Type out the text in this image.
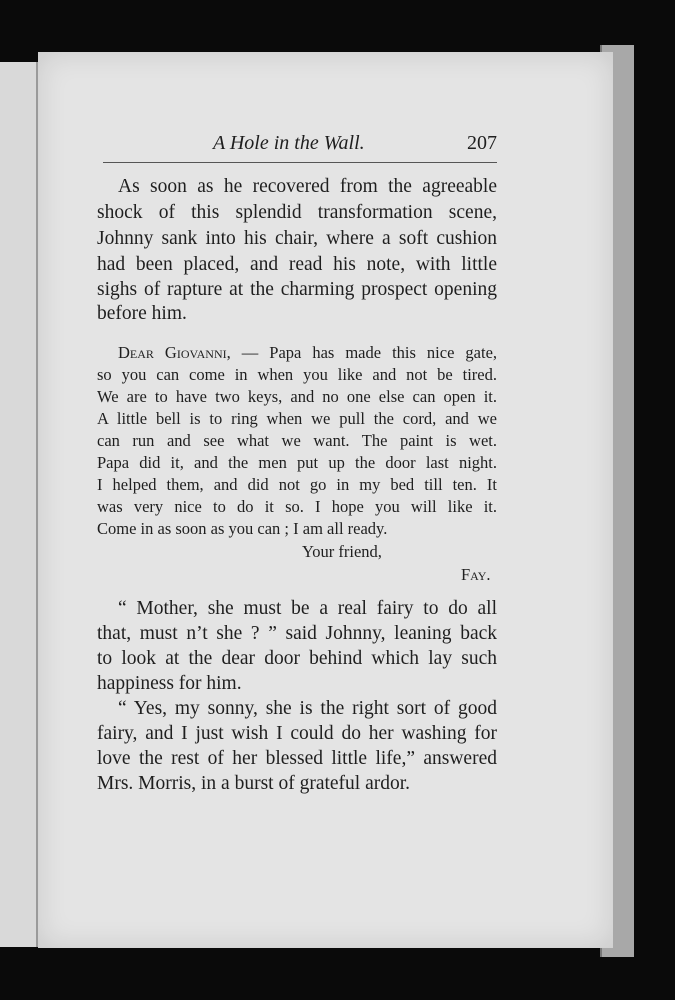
A Hole in the Wall.	207
As soon as he recovered from the agreeable
shock of this splendid transformation scene,
Johnny sank into his chair, where a soft cushion
had been placed, and read his note, with little
sighs of rapture at the charming prospect opening
before him.
Dear Giovanni, — Papa has made this nice gate,
so you can come in when you like and not be tired.
We are to have two keys, and no one else can open it.
A little bell is to ring when we pull the cord, and we
can run and see what we want. The paint is wet.
Papa did it, and the men put up the door last night.
I helped them, and did not go in my bed till ten. It
was very nice to do it so. I hope you will like it.
Come in as soon as you can ; I am all ready.
Your friend,
Fay.
“ Mother, she must be a real fairy to do all
that, must n’t she ? ” said Johnny, leaning back
to look at the dear door behind which lay such
happiness for him.
“ Yes, my sonny, she is the right sort of good
fairy, and I just wish I could do her washing for
love the rest of her blessed little life,” answered
Mrs. Morris, in a burst of grateful ardor.
